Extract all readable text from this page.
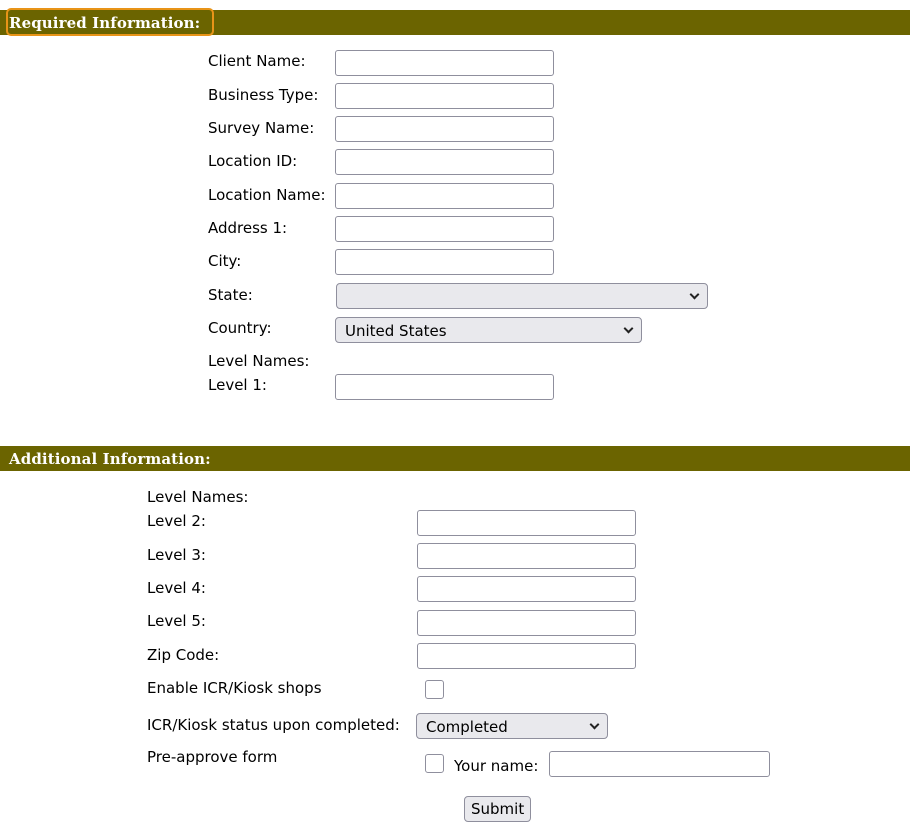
Required Information:
Client Name:
Business Type:
Survey Name:
Location ID:
Location Name:
Address 1:
City:
State:
Country:	United States
Level Names:
Level 1:
Additional Information:
Level Names:
Level 2:
Level 3:
Level 4:
Level 5:
Zip Code:
Enable ICR/Kiosk shops
ICR/Kiosk status upon completed: Completed
Pre-approve form	Your name:
Submit
